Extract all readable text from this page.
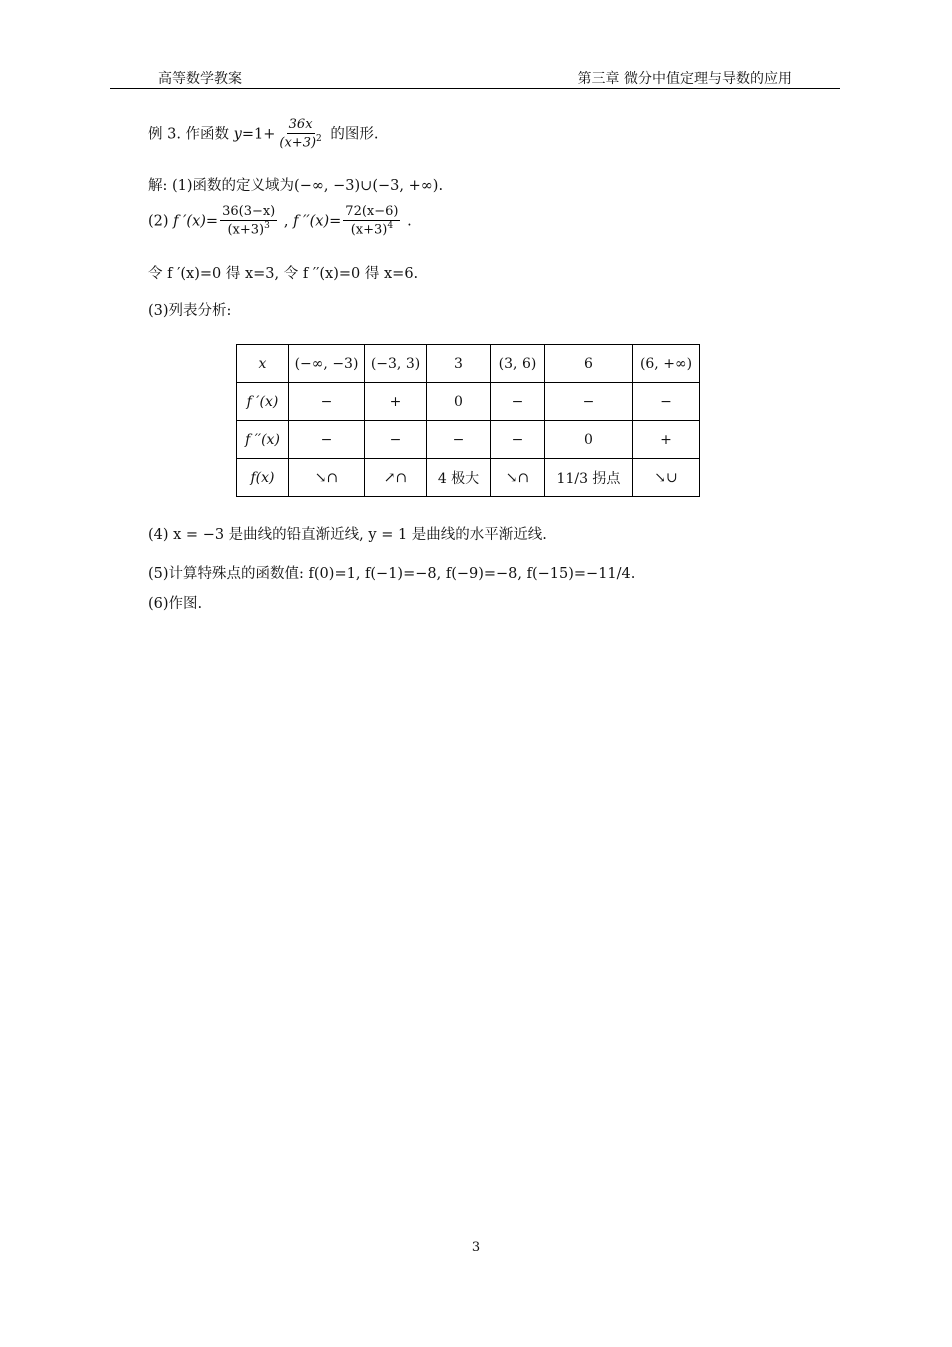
高等数学教案	第三章 微分中值定理与导数的应用
例 3. 作函数 $y=1+ \frac{36x}{(x+3)^2}$ 的图形.
解: (1)函数的定义域为(−∞, −3)∪(−3, +∞).
(2) f $'(x)= \frac{36(3-x)}{(x+3)^3}$ , f $''(x)= \frac{72(x-6)}{(x+3)^4}$ .
令 f ′(x)=0 得 x=3, 令 f ′′(x)=0 得 x=6.
(3)列表分析:
x	(−∞, −3)	(−3, 3)	3	(3, 6)	6	(6, +∞)
f ′(x)	−	+	0	−	−	−
f ′′(x)	−	−	−	−	0	+
f(x)	↘∩	↗∩	4 极大	↘∩	11/3 拐点	↘∪
(4) x = −3 是曲线的铅直渐近线, y = 1 是曲线的水平渐近线.
(5)计算特殊点的函数值: f(0)=1, f(−1)=−8, f(−9)=−8, f(−15)=−11/4.
(6)作图.
3
